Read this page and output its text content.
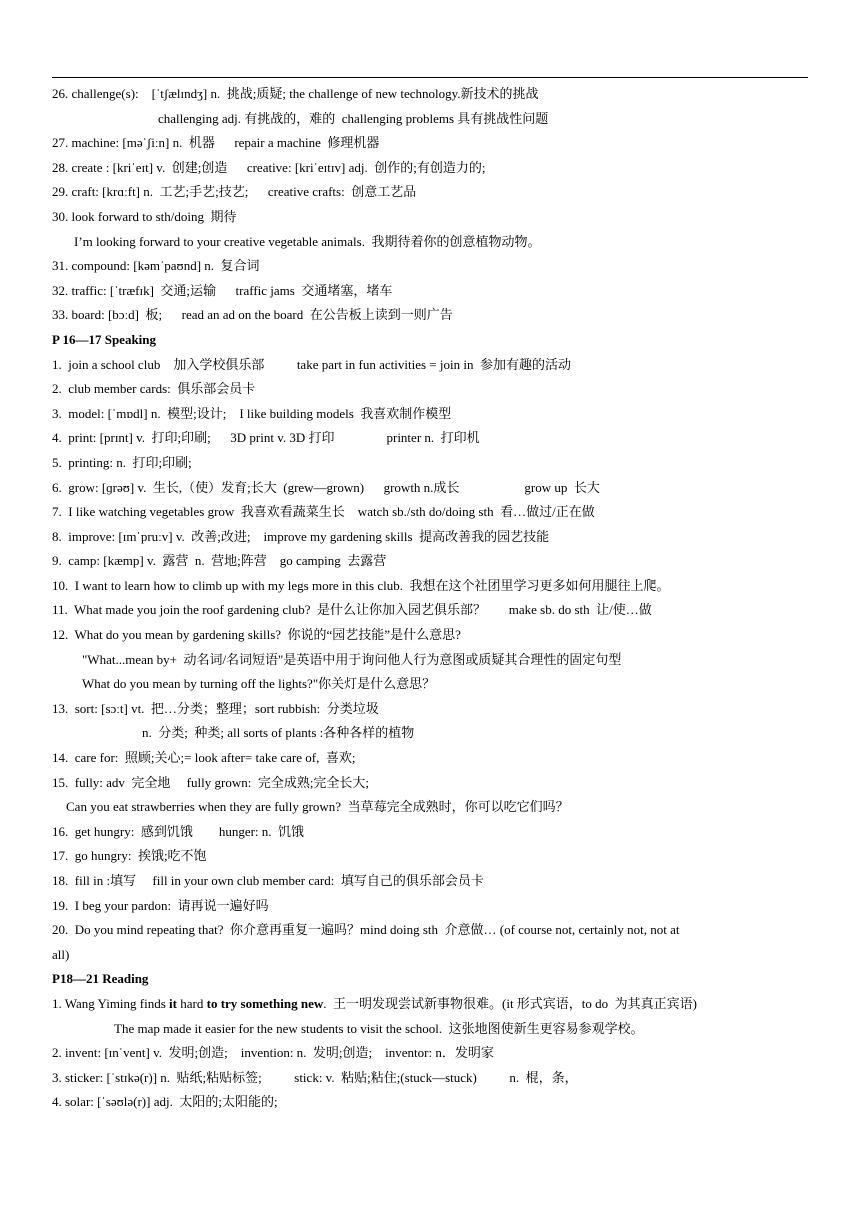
26. challenge(s):    [ˈtʃælɪndʒ] n.  挑战;质疑; the challenge of new technology.新技术的挑战
challenging adj. 有挑战的，难的  challenging problems 具有挑战性问题
27. machine: [məˈʃiːn] n.  机器      repair a machine  修理机器
28. create : [kriˈeɪt] v.  创建;创造      creative: [kriˈeɪtɪv] adj.  创作的;有创造力的;
29. craft: [krɑːft] n.  工艺;手艺;技艺;      creative crafts:  创意工艺品
30. look forward to sth/doing  期待
I’m looking forward to your creative vegetable animals.  我期待着你的创意植物动物。
31. compound: [kəmˈpaʊnd] n.  复合词
32. traffic: [ˈtræfɪk]  交通;运输      traffic jams  交通堵塞，堵车
33. board: [bɔːd]  板;      read an ad on the board  在公告板上读到一则广告
P 16—17 Speaking
1.  join a school club    加入学校俱乐部          take part in fun activities = join in  参加有趣的活动
2.  club member cards:  俱乐部会员卡
3.  model: [ˈmɒdl] n.  模型;设计;    I like building models  我喜欢制作模型
4.  print: [prɪnt] v.  打印;印刷;      3D print v. 3D 打印                printer n.  打印机
5.  printing: n.  打印;印刷;
6.  grow: [ɡrəʊ] v.  生长,（使）发育;长大  (grew—grown)      growth n.成长                    grow up  长大
7.  I like watching vegetables grow  我喜欢看蔬菜生长    watch sb./sth do/doing sth  看…做过/正在做
8.  improve: [ɪmˈpruːv] v.  改善;改进;    improve my gardening skills  提高改善我的园艺技能
9.  camp: [kæmp] v.  露营  n.  营地;阵营    go camping  去露营
10.  I want to learn how to climb up with my legs more in this club.  我想在这个社团里学习更多如何用腿往上爬。
11.  What made you join the roof gardening club?  是什么让你加入园艺俱乐部？       make sb. do sth  让/使…做
12.  What do you mean by gardening skills?  你说的“园艺技能”是什么意思?
"What...mean by+  动名词/名词短语"是英语中用于询问他人行为意图或质疑其合理性的固定句型
What do you mean by turning off the lights?"你关灯是什么意思？
13.  sort: [sɔːt] vt.  把…分类；整理；sort rubbish:  分类垃圾
n.  分类;  种类; all sorts of plants :各种各样的植物
14.  care for:  照顾;关心;= look after= take care of,  喜欢;
15.  fully: adv  完全地     fully grown:  完全成熟;完全长大;
Can you eat strawberries when they are fully grown?  当草莓完全成熟时，你可以吃它们吗？
16.  get hungry:  感到饥饿        hunger: n.  饥饿
17.  go hungry:  挨饿;吃不饱
18.  fill in :填写     fill in your own club member card:  填写自己的俱乐部会员卡
19.  I beg your pardon:  请再说一遍好吗
20.  Do you mind repeating that?  你介意再重复一遍吗？mind doing sth  介意做… (of course not, certainly not, not at
all)
P18—21 Reading
1. Wang Yiming finds it hard to try something new.  王一明发现尝试新事物很难。(it 形式宾语，to do  为其真正宾语)
The map made it easier for the new students to visit the school.  这张地图使新生更容易参观学校。
2. invent: [ɪnˈvent] v.  发明;创造;    invention: n.  发明;创造;    inventor: n．发明家
3. sticker: [ˈstɪkə(r)] n.  贴纸;粘贴标签;          stick: v.  粘贴;粘住;(stuck—stuck)          n.  棍，条，
4. solar: [ˈsəʊlə(r)] adj.  太阳的;太阳能的;
